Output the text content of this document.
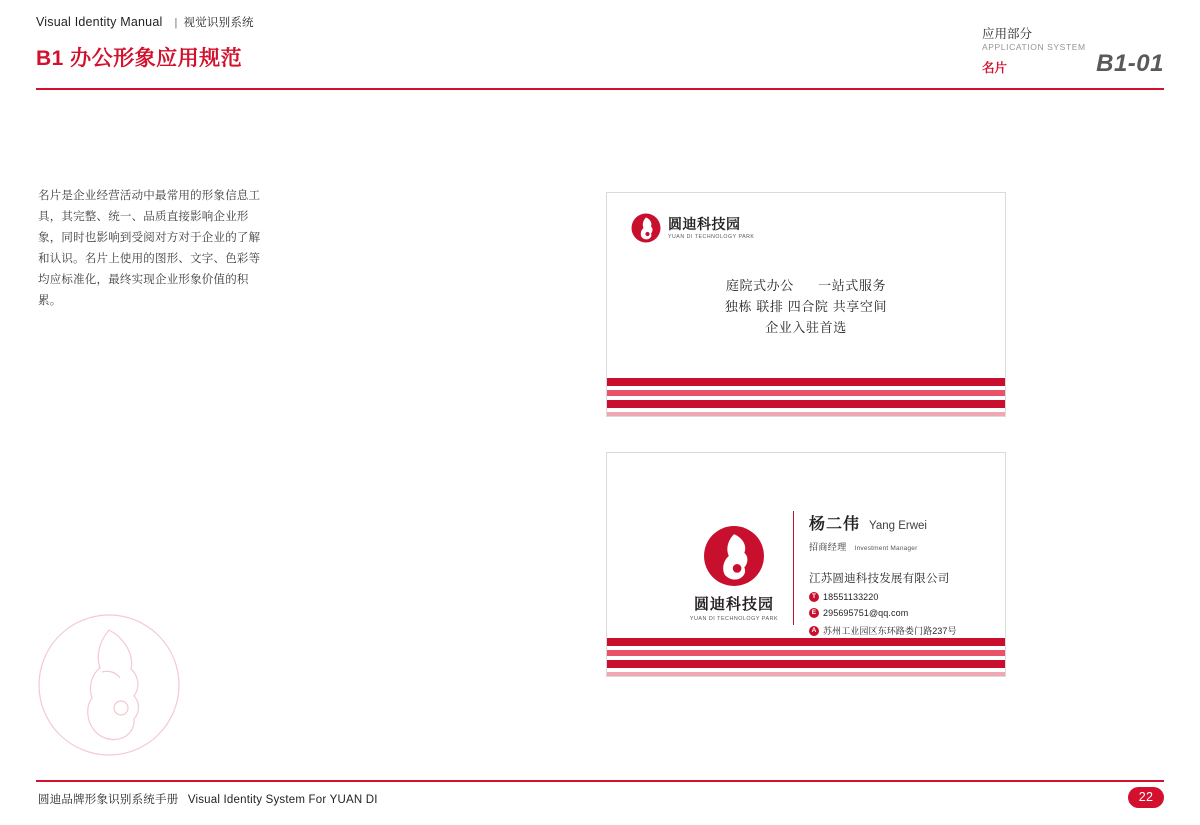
Visual Identity Manual | 视觉识别系统
B1 办公形象应用规范
应用部分
APPLICATION SYSTEM
名片	B1-01
名片是企业经营活动中最常用的形象信息工具，其完整、统一、品质直接影响企业形象，同时也影响到受阅对方对于企业的了解和认识。名片上使用的图形、文字、色彩等均应标准化，最终实现企业形象价值的积累。
圆迪科技园
YUAN DI TECHNOLOGY PARK
庭院式办公 一站式服务
独栋 联排 四合院 共享空间
企业入驻首选
圆迪科技园
YUAN DI TECHNOLOGY PARK
杨二伟 Yang Erwei
招商经理 Investment Manager
江苏圆迪科技发展有限公司
T 18551133220
E 295695751@qq.com
A 苏州工业园区东环路娄门路237号
圆迪品牌形象识别系统手册 Visual Identity System For YUAN DI	22
